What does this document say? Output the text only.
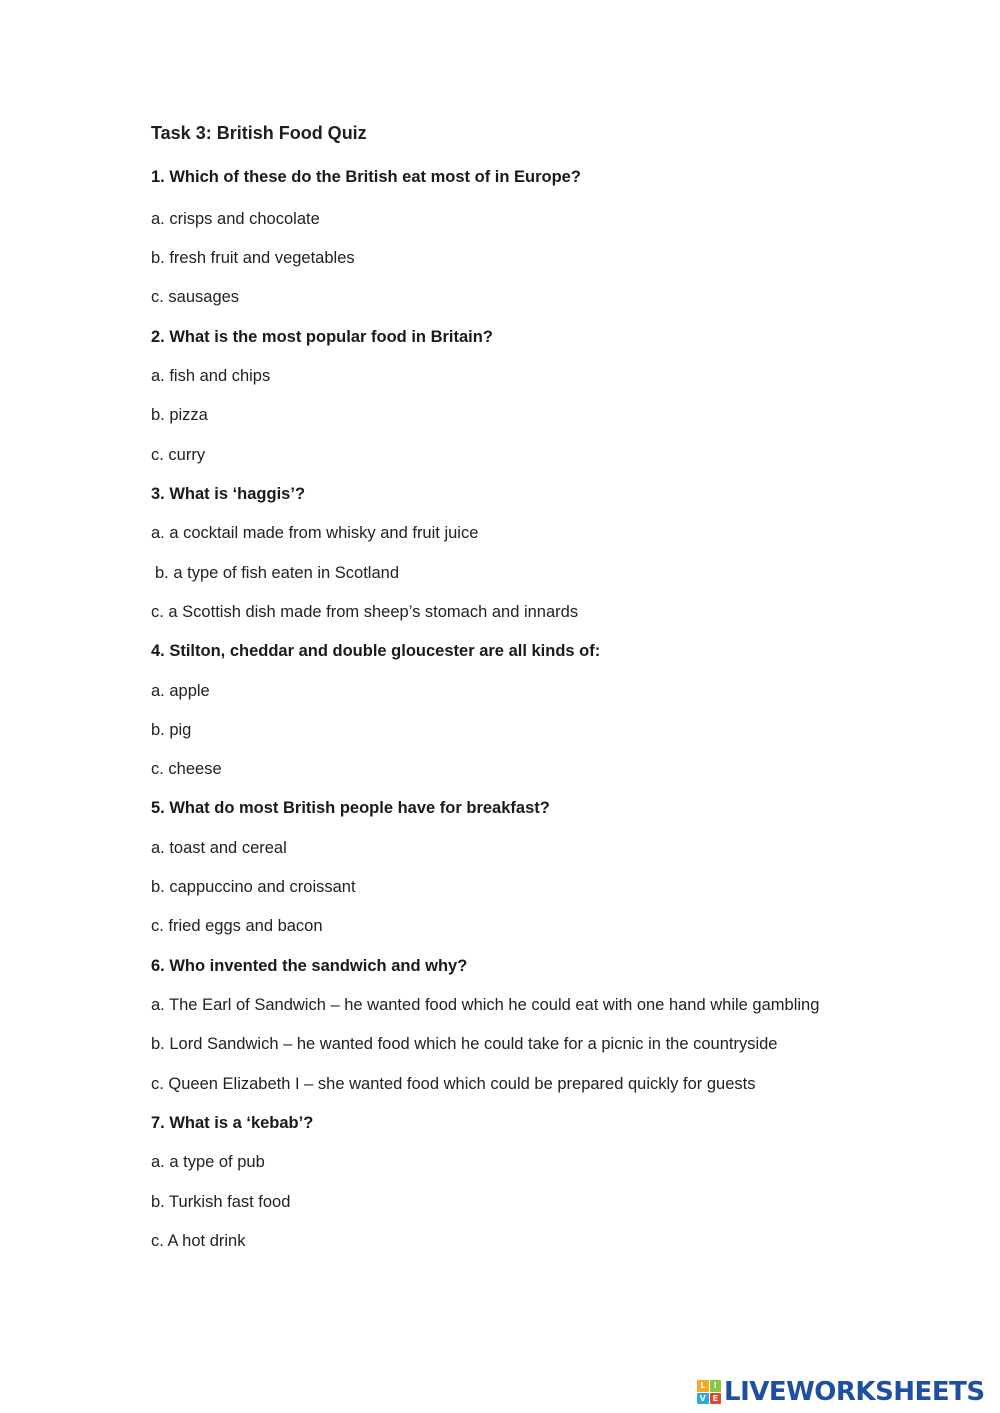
Task 3: British Food Quiz

1. Which of these do the British eat most of in Europe?

a. crisps and chocolate

b. fresh fruit and vegetables

c. sausages

2. What is the most popular food in Britain?

a. fish and chips

b. pizza

c. curry

3. What is ‘haggis’?

a. a cocktail made from whisky and fruit juice

b. a type of fish eaten in Scotland

c. a Scottish dish made from sheep’s stomach and innards

4. Stilton, cheddar and double gloucester are all kinds of:

a. apple

b. pig

c. cheese

5. What do most British people have for breakfast?

a. toast and cereal

b. cappuccino and croissant

c. fried eggs and bacon

6. Who invented the sandwich and why?

a. The Earl of Sandwich – he wanted food which he could eat with one hand while gambling

b. Lord Sandwich – he wanted food which he could take for a picnic in the countryside

c. Queen Elizabeth I – she wanted food which could be prepared quickly for guests

7. What is a ‘kebab’?

a. a type of pub

b. Turkish fast food

c. A hot drink

L	I
V E LIVEWORKSHEETS
